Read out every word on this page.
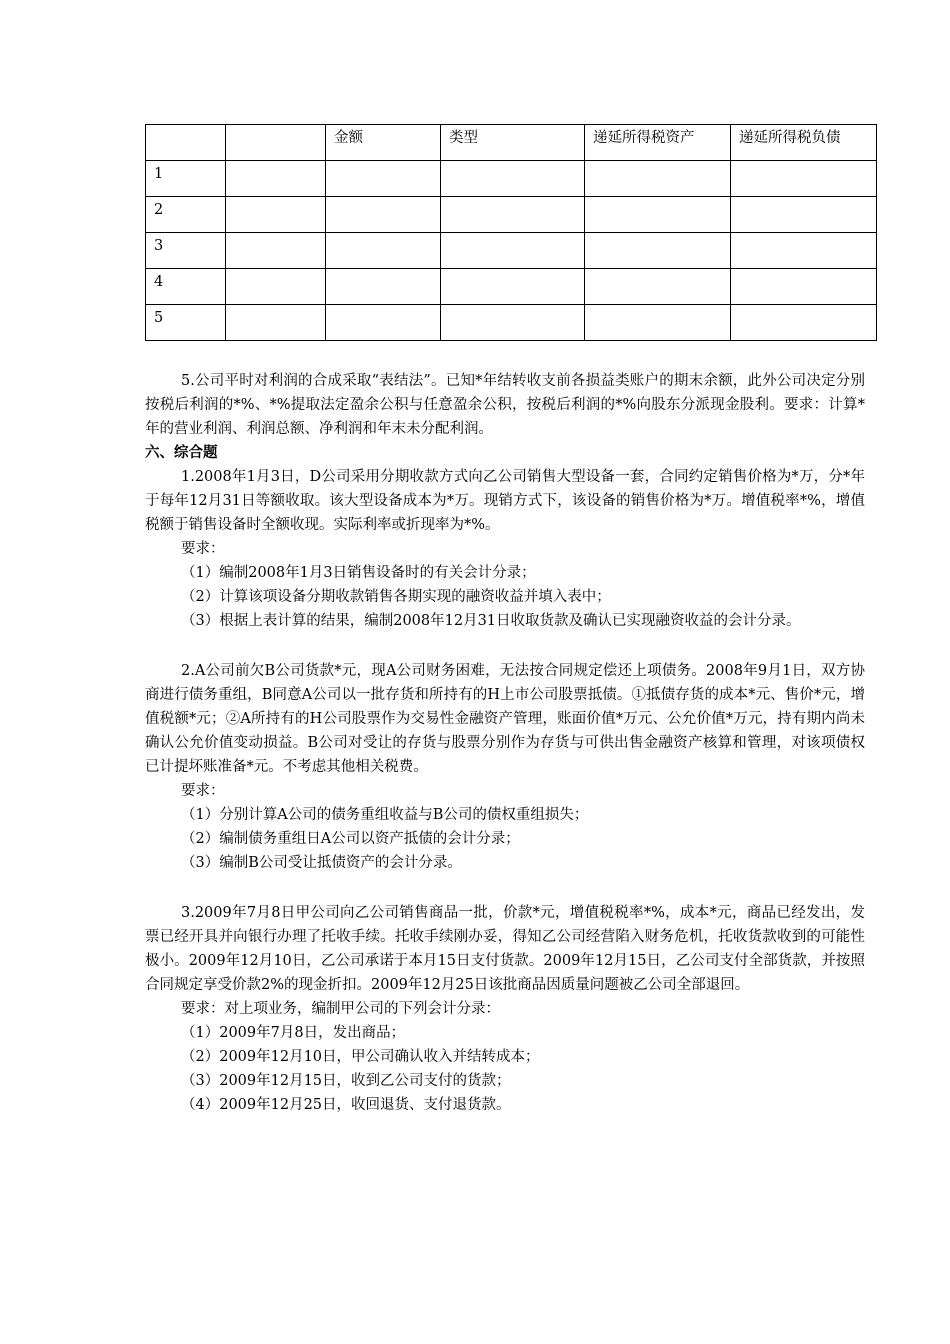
		金额	类型	递延所得税资产	递延所得税负债
1					
2					
3					
4					
5					

5.公司平时对利润的合成采取“表结法”。已知*年结转收支前各损益类账户的期末余额，此外公司决定分别按税后利润的*%、*%提取法定盈余公积与任意盈余公积，按税后利润的*%向股东分派现金股利。要求：计算*年的营业利润、利润总额、净利润和年末未分配利润。

六、综合题

1.2008年1月3日，D公司采用分期收款方式向乙公司销售大型设备一套，合同约定销售价格为*万，分*年于每年12月31日等额收取。该大型设备成本为*万。现销方式下，该设备的销售价格为*万。增值税率*%，增值税额于销售设备时全额收现。实际利率或折现率为*%。

要求：

（1）编制2008年1月3日销售设备时的有关会计分录；

（2）计算该项设备分期收款销售各期实现的融资收益并填入表中；

（3）根据上表计算的结果，编制2008年12月31日收取货款及确认已实现融资收益的会计分录。

2.A公司前欠B公司货款*元，现A公司财务困难，无法按合同规定偿还上项债务。2008年9月1日，双方协商进行债务重组，B同意A公司以一批存货和所持有的H上市公司股票抵债。①抵债存货的成本*元、售价*元，增值税额*元；②A所持有的H公司股票作为交易性金融资产管理，账面价值*万元、公允价值*万元，持有期内尚未确认公允价值变动损益。B公司对受让的存货与股票分别作为存货与可供出售金融资产核算和管理，对该项债权已计提坏账准备*元。不考虑其他相关税费。

要求：

（1）分别计算A公司的债务重组收益与B公司的债权重组损失；

（2）编制债务重组日A公司以资产抵债的会计分录；

（3）编制B公司受让抵债资产的会计分录。

3.2009年7月8日甲公司向乙公司销售商品一批，价款*元，增值税税率*%，成本*元，商品已经发出，发票已经开具并向银行办理了托收手续。托收手续刚办妥，得知乙公司经营陷入财务危机，托收货款收到的可能性极小。2009年12月10日，乙公司承诺于本月15日支付货款。2009年12月15日，乙公司支付全部货款，并按照合同规定享受价款2%的现金折扣。2009年12月25日该批商品因质量问题被乙公司全部退回。

要求：对上项业务，编制甲公司的下列会计分录：

（1）2009年7月8日，发出商品；

（2）2009年12月10日，甲公司确认收入并结转成本；

（3）2009年12月15日，收到乙公司支付的货款；

（4）2009年12月25日，收回退货、支付退货款。
